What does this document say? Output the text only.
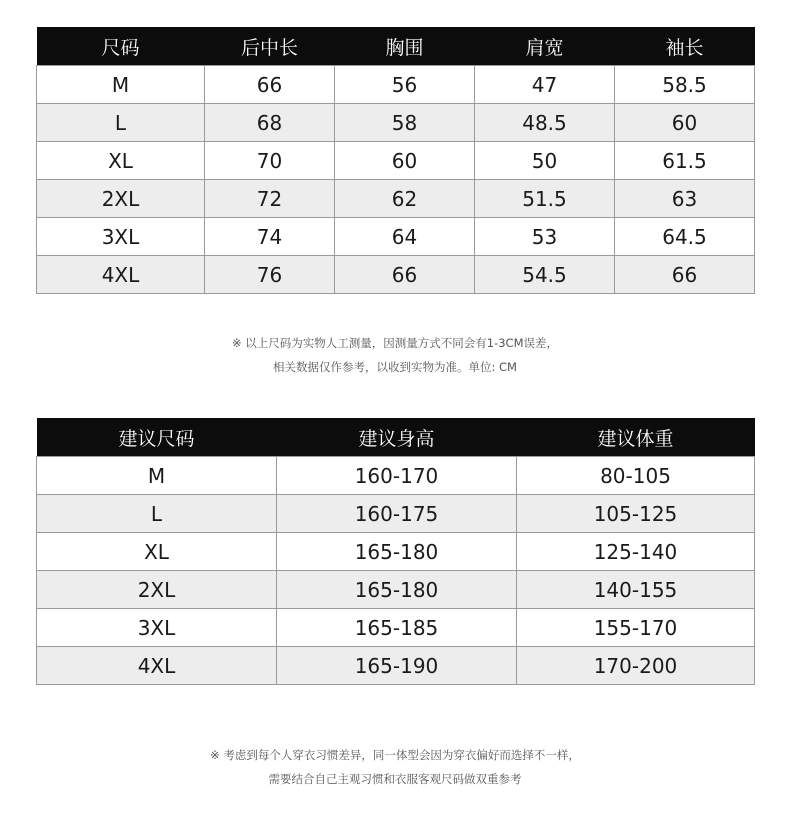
尺码	后中长	胸围	肩宽	袖长
M	66	56	47	58.5
L	68	58	48.5	60
XL	70	60	50	61.5
2XL	72	62	51.5	63
3XL	74	64	53	64.5
4XL	76	66	54.5	66
※ 以上尺码为实物人工测量，因测量方式不同会有1-3CM误差，
相关数据仅作参考，以收到实物为准。单位: CM
建议尺码	建议身高	建议体重
M	160-170	80-105
L	160-175	105-125
XL	165-180	125-140
2XL	165-180	140-155
3XL	165-185	155-170
4XL	165-190	170-200
※ 考虑到每个人穿衣习惯差异，同一体型会因为穿衣偏好而选择不一样，
需要结合自己主观习惯和衣服客观尺码做双重参考
